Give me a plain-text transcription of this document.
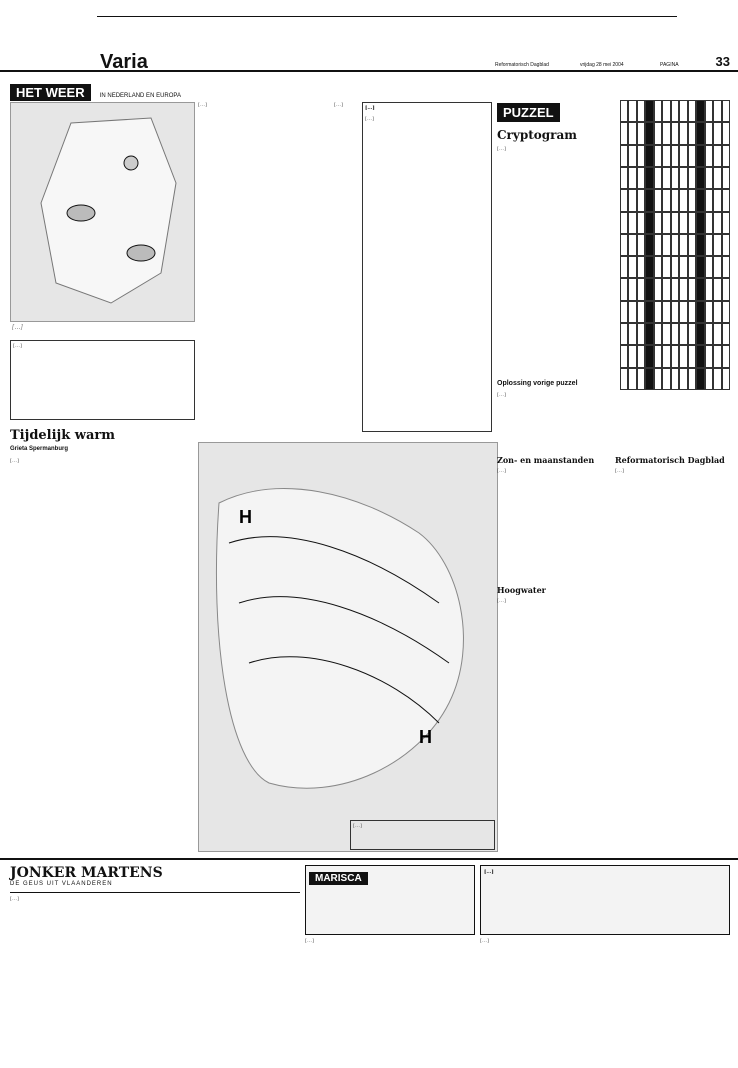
Varia	Reformatorisch Dagblad	vrijdag 28 mei 2004	PAGINA	33
HET WEER	IN NEDERLAND EN EUROPA
[…]
[…]
Tijdelijk warm
Grieta Spermanburg
[…]
[…]	[…]	[…]
[…]	PUZZEL
Cryptogram
[…]
Oplossing vorige puzzel
[…]
H
H
Zon- en maanstanden
[…]
Hoogwater
[…]
Reformatorisch Dagblad
[…]
[…]
JONKER MARTENS
DE GEUS UIT VLAANDEREN
[…]
MARISCA
[…]
[…]
[…]
